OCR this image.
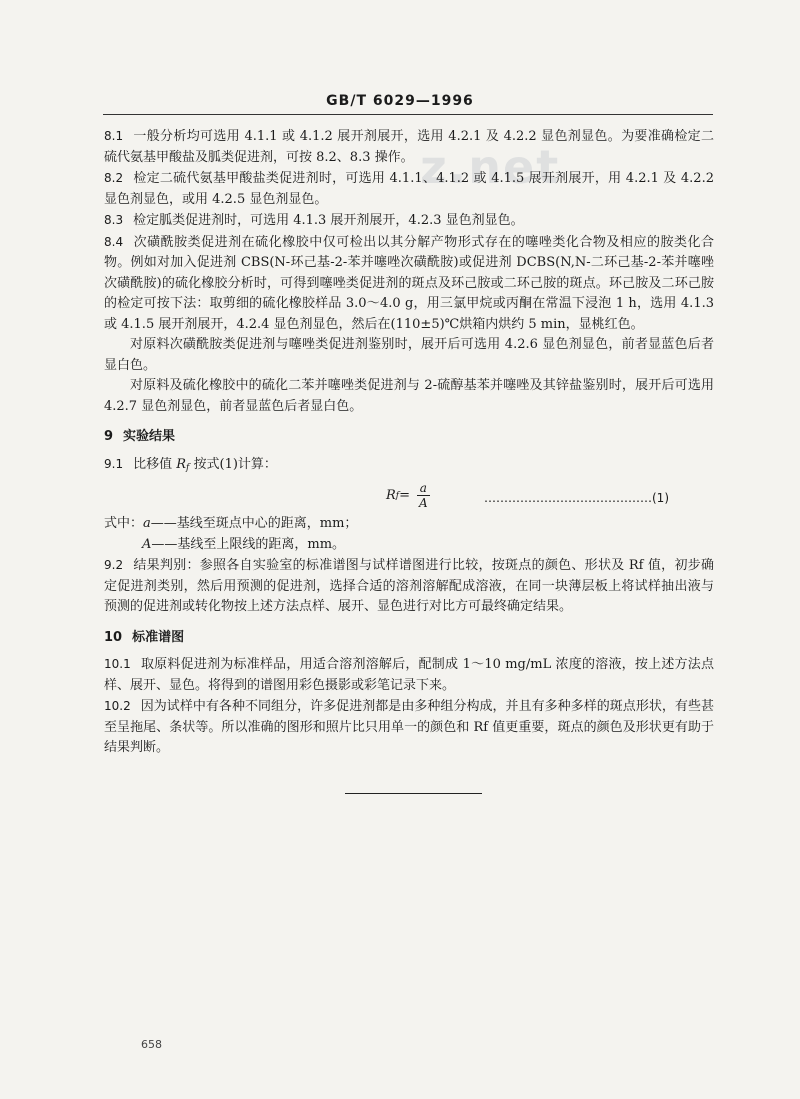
z.net
GB/T 6029—1996

8.1 一般分析均可选用 4.1.1 或 4.1.2 展开剂展开，选用 4.2.1 及 4.2.2 显色剂显色。为要准确检定二硫代氨基甲酸盐及胍类促进剂，可按 8.2、8.3 操作。

8.2 检定二硫代氨基甲酸盐类促进剂时，可选用 4.1.1、4.1.2 或 4.1.5 展开剂展开，用 4.2.1 及 4.2.2 显色剂显色，或用 4.2.5 显色剂显色。

8.3 检定胍类促进剂时，可选用 4.1.3 展开剂展开，4.2.3 显色剂显色。

8.4 次磺酰胺类促进剂在硫化橡胶中仅可检出以其分解产物形式存在的噻唑类化合物及相应的胺类化合物。例如对加入促进剂 CBS(N-环己基-2-苯并噻唑次磺酰胺)或促进剂 DCBS(N,N-二环己基-2-苯并噻唑次磺酰胺)的硫化橡胶分析时，可得到噻唑类促进剂的斑点及环己胺或二环己胺的斑点。环己胺及二环己胺的检定可按下法：取剪细的硫化橡胶样品 3.0～4.0 g，用三氯甲烷或丙酮在常温下浸泡 1 h，选用 4.1.3 或 4.1.5 展开剂展开，4.2.4 显色剂显色，然后在(110±5)℃烘箱内烘约 5 min，显桃红色。

对原料次磺酰胺类促进剂与噻唑类促进剂鉴别时，展开后可选用 4.2.6 显色剂显色，前者显蓝色后者显白色。

对原料及硫化橡胶中的硫化二苯并噻唑类促进剂与 2-硫醇基苯并噻唑及其锌盐鉴别时，展开后可选用 4.2.7 显色剂显色，前者显蓝色后者显白色。

9 实验结果

9.1 比移值 $R_f$ 按式(1)计算：

R $f = \frac{a}{A}$	……………………………………(1)
式中：a——基线至斑点中心的距离，mm；
A——基线至上限线的距离，mm。

9.2 结果判别：参照各自实验室的标准谱图与试样谱图进行比较，按斑点的颜色、形状及 Rf 值，初步确定促进剂类别，然后用预测的促进剂，选择合适的溶剂溶解配成溶液，在同一块薄层板上将试样抽出液与预测的促进剂或转化物按上述方法点样、展开、显色进行对比方可最终确定结果。

10 标准谱图

10.1 取原料促进剂为标准样品，用适合溶剂溶解后，配制成 1～10 mg/mL 浓度的溶液，按上述方法点样、展开、显色。将得到的谱图用彩色摄影或彩笔记录下来。

10.2 因为试样中有各种不同组分，许多促进剂都是由多种组分构成，并且有多种多样的斑点形状，有些甚至呈拖尾、条状等。所以准确的图形和照片比只用单一的颜色和 Rf 值更重要，斑点的颜色及形状更有助于结果判断。

658
